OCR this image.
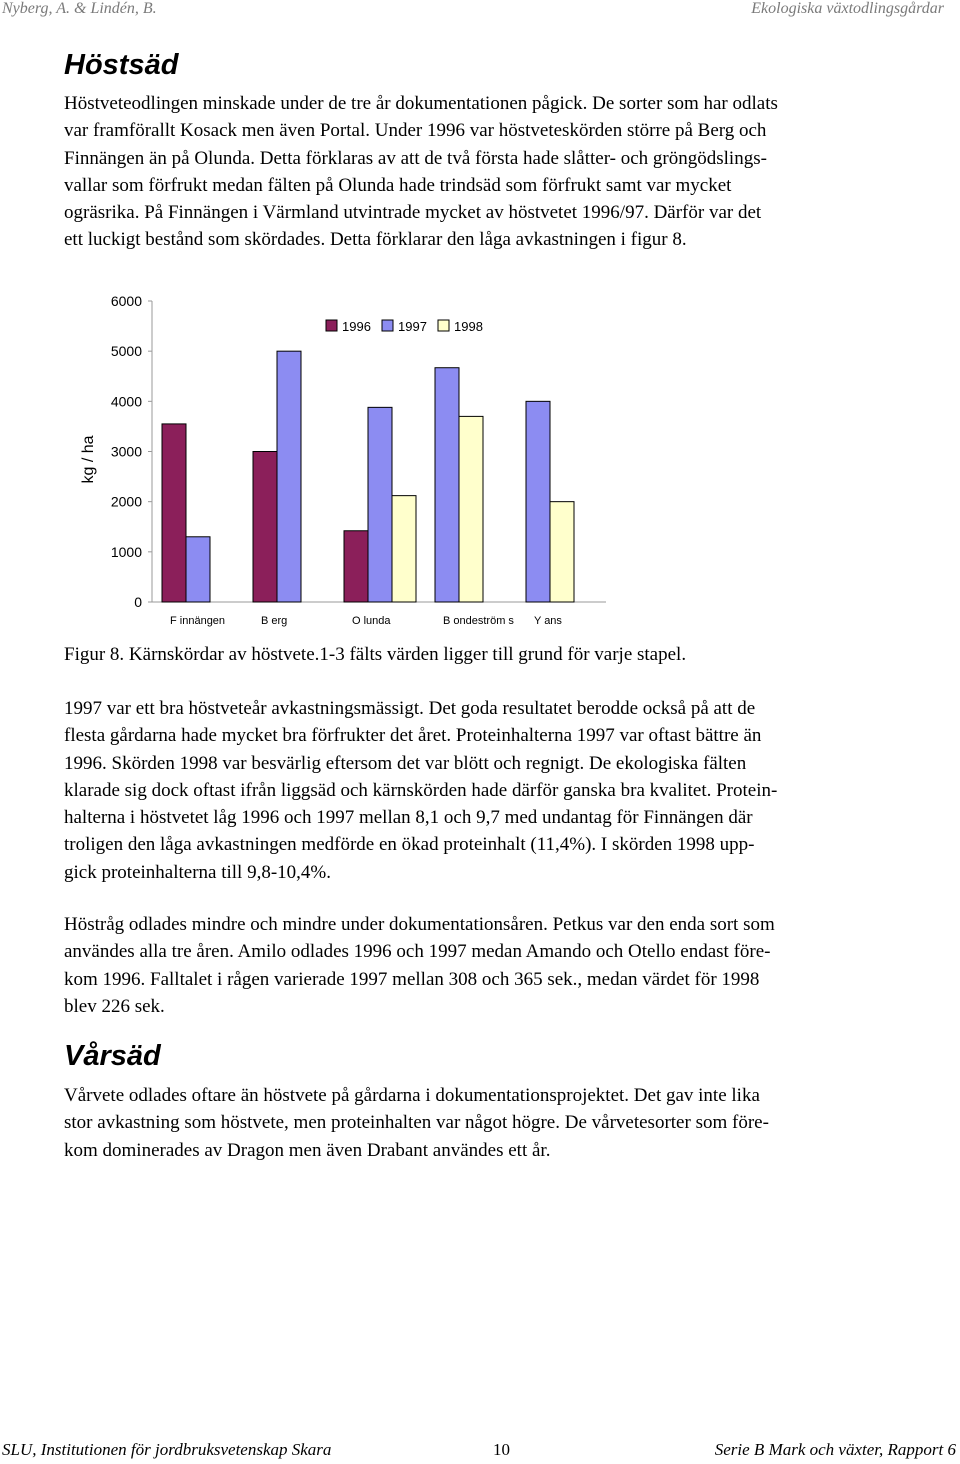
Nyberg, A. & Lindén, B.	Ekologiska växtodlingsgårdar
Höstsäd

Höstveteodlingen minskade under de tre år dokumentationen pågick. De sorter som har odlats
var framförallt Kosack men även Portal. Under 1996 var höstveteskörden större på Berg och
Finnängen än på Olunda. Detta förklaras av att de två första hade slåtter- och gröngödslings-
vallar som förfrukt medan fälten på Olunda hade trindsäd som förfrukt samt var mycket
ogräsrika. På Finnängen i Värmland utvintrade mycket av höstvetet 1996/97. Därför var det
ett luckigt bestånd som skördades. Detta förklarar den låga avkastningen i figur 8.

6000
5000
4000
3000
2000
1000
0
kg / ha
F innängen	B erg	O lunda	B ondeström s Y ans
1996 1997 1998

Figur 8. Kärnskördar av höstvete.1-3 fälts värden ligger till grund för varje stapel.

1997 var ett bra höstveteår avkastningsmässigt. Det goda resultatet berodde också på att de
flesta gårdarna hade mycket bra förfrukter det året. Proteinhalterna 1997 var oftast bättre än
1996. Skörden 1998 var besvärlig eftersom det var blött och regnigt. De ekologiska fälten
klarade sig dock oftast ifrån liggsäd och kärnskörden hade därför ganska bra kvalitet. Protein-
halterna i höstvetet låg 1996 och 1997 mellan 8,1 och 9,7 med undantag för Finnängen där
troligen den låga avkastningen medförde en ökad proteinhalt (11,4%). I skörden 1998 upp-
gick proteinhalterna till 9,8-10,4%.

Höstråg odlades mindre och mindre under dokumentationsåren. Petkus var den enda sort som
användes alla tre åren. Amilo odlades 1996 och 1997 medan Amando och Otello endast före-
kom 1996. Falltalet i rågen varierade 1997 mellan 308 och 365 sek., medan värdet för 1998
blev 226 sek.

Vårsäd

Vårvete odlades oftare än höstvete på gårdarna i dokumentationsprojektet. Det gav inte lika
stor avkastning som höstvete, men proteinhalten var något högre. De vårvetesorter som före-
kom dominerades av Dragon men även Drabant användes ett år.

SLU, Institutionen för jordbruksvetenskap Skara	10	Serie B Mark och växter, Rapport 6
